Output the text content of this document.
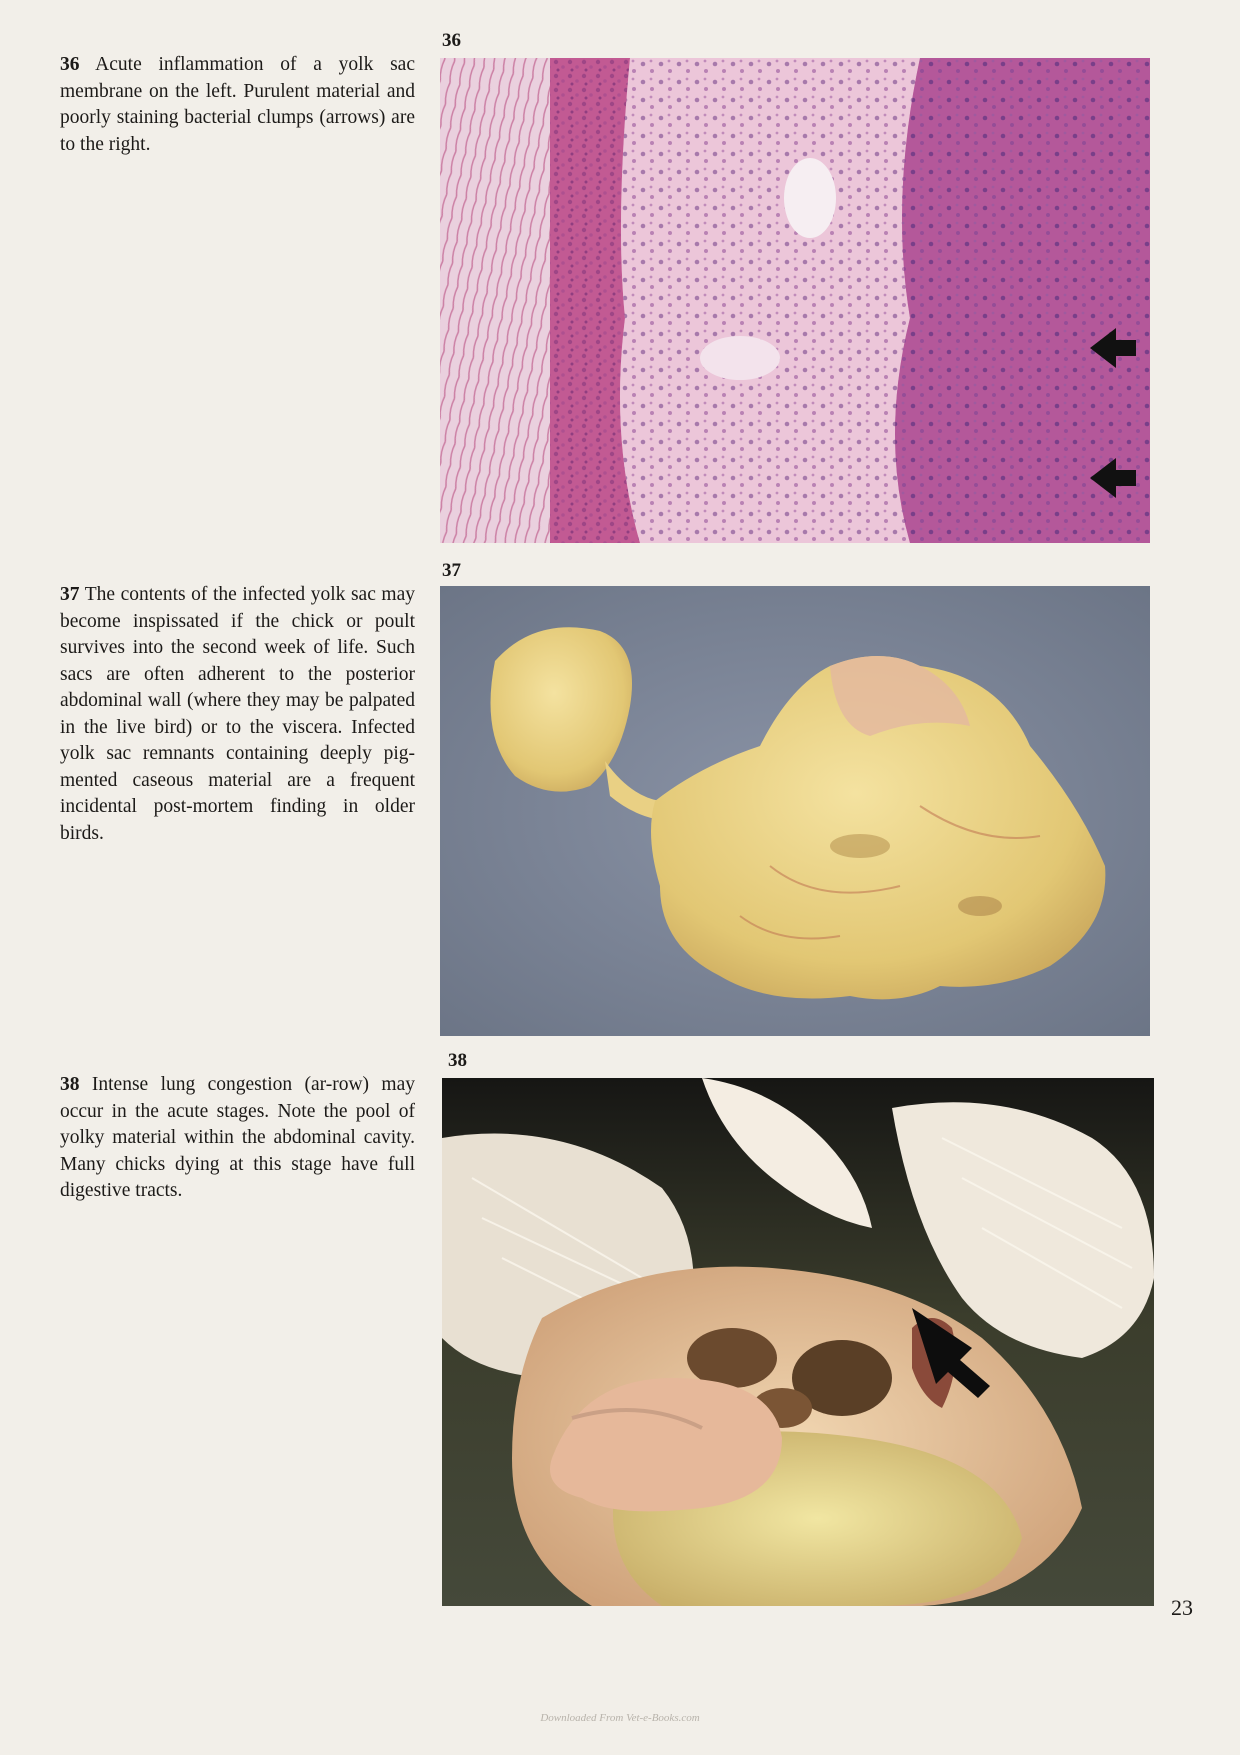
36 Acute inflammation of a yolk sac membrane on the left. Purulent material and poorly staining bacterial clumps (arrows) are to the right.
37 The contents of the infected yolk sac may become inspissated if the chick or poult survives into the second week of life. Such sacs are often adherent to the posterior abdominal wall (where they may be palpated in the live bird) or to the viscera. Infected yolk sac remnants containing deeply pig-mented caseous material are a frequent incidental post-mortem finding in older birds.
38 Intense lung congestion (ar-row) may occur in the acute stages. Note the pool of yolky material within the abdominal cavity. Many chicks dying at this stage have full digestive tracts.
36
37
38
23
Downloaded From Vet-e-Books.com
